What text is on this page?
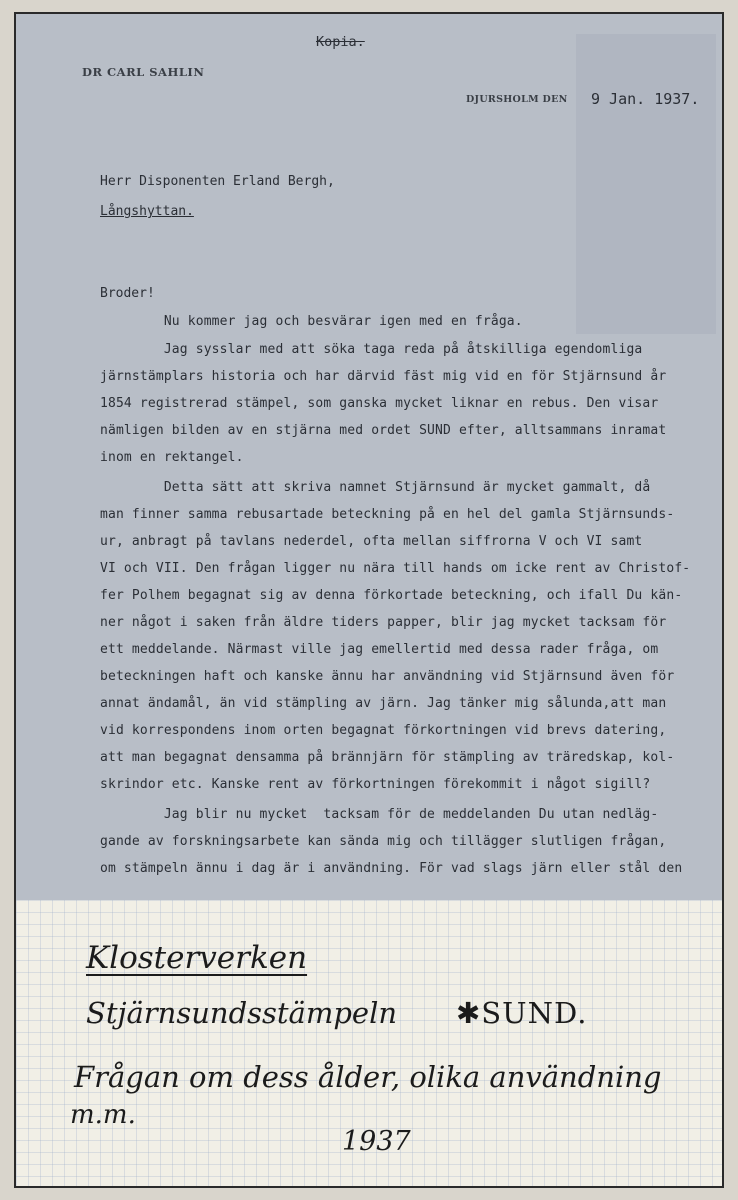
Kopia.
DR CARL SAHLIN
DJURSHOLM DEN 9 Jan. 1937.
Herr Disponenten Erland Bergh,
Långshyttan.
Broder!
Nu kommer jag och besvärar igen med en fråga.
Jag sysslar med att söka taga reda på åtskilliga egendomliga
järnstämplars historia och har därvid fäst mig vid en för Stjärnsund år
1854 registrerad stämpel, som ganska mycket liknar en rebus. Den visar
nämligen bilden av en stjärna med ordet SUND efter, alltsammans inramat
inom en rektangel.
Detta sätt att skriva namnet Stjärnsund är mycket gammalt, då
man finner samma rebusartade beteckning på en hel del gamla Stjärnsunds-
ur, anbragt på tavlans nederdel, ofta mellan siffrorna V och VI samt
VI och VII. Den frågan ligger nu nära till hands om icke rent av Christof-
fer Polhem begagnat sig av denna förkortade beteckning, och ifall Du kän-
ner något i saken från äldre tiders papper, blir jag mycket tacksam för
ett meddelande. Närmast ville jag emellertid med dessa rader fråga, om
beteckningen haft och kanske ännu har användning vid Stjärnsund även för
annat ändamål, än vid stämpling av järn. Jag tänker mig sålunda,att man
vid korrespondens inom orten begagnat förkortningen vid brevs datering,
att man begagnat densamma på brännjärn för stämpling av träredskap, kol-
skrindor etc. Kanske rent av förkortningen förekommit i något sigill?
Jag blir nu mycket  tacksam för de meddelanden Du utan nedläg-
gande av forskningsarbete kan sända mig och tillägger slutligen frågan,
om stämpeln ännu i dag är i användning. För vad slags järn eller stål den
Klosterverken
Stjärnsundsstämpeln ✱SUND.
Frågan om dess ålder, olika användning
m.m.
1937
